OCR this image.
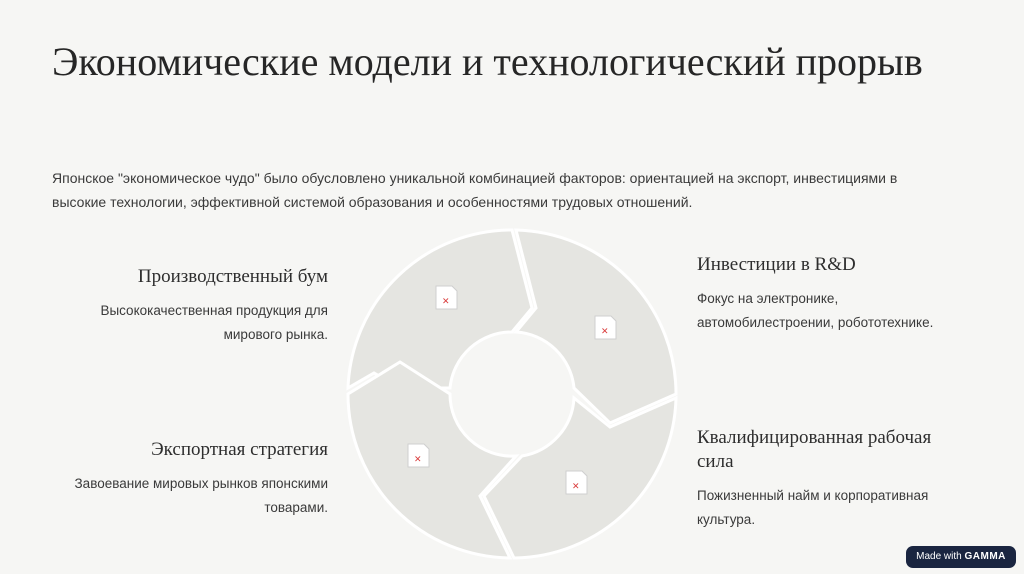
Экономические модели и технологический прорыв
Японское "экономическое чудо" было обусловлено уникальной комбинацией факторов: ориентацией на экспорт, инвестициями в высокие технологии, эффективной системой образования и особенностями трудовых отношений.
Производственный бум
Высококачественная продукция для
мирового рынка.
Экспортная стратегия
Завоевание мировых рынков японскими
товарами.
Инвестиции в R&D
Фокус на электронике,
автомобилестроении, робототехнике.
Квалифицированная рабочая
сила
Пожизненный найм и корпоративная
культура.
✕
✕
✕
✕
Made with GAMMA
